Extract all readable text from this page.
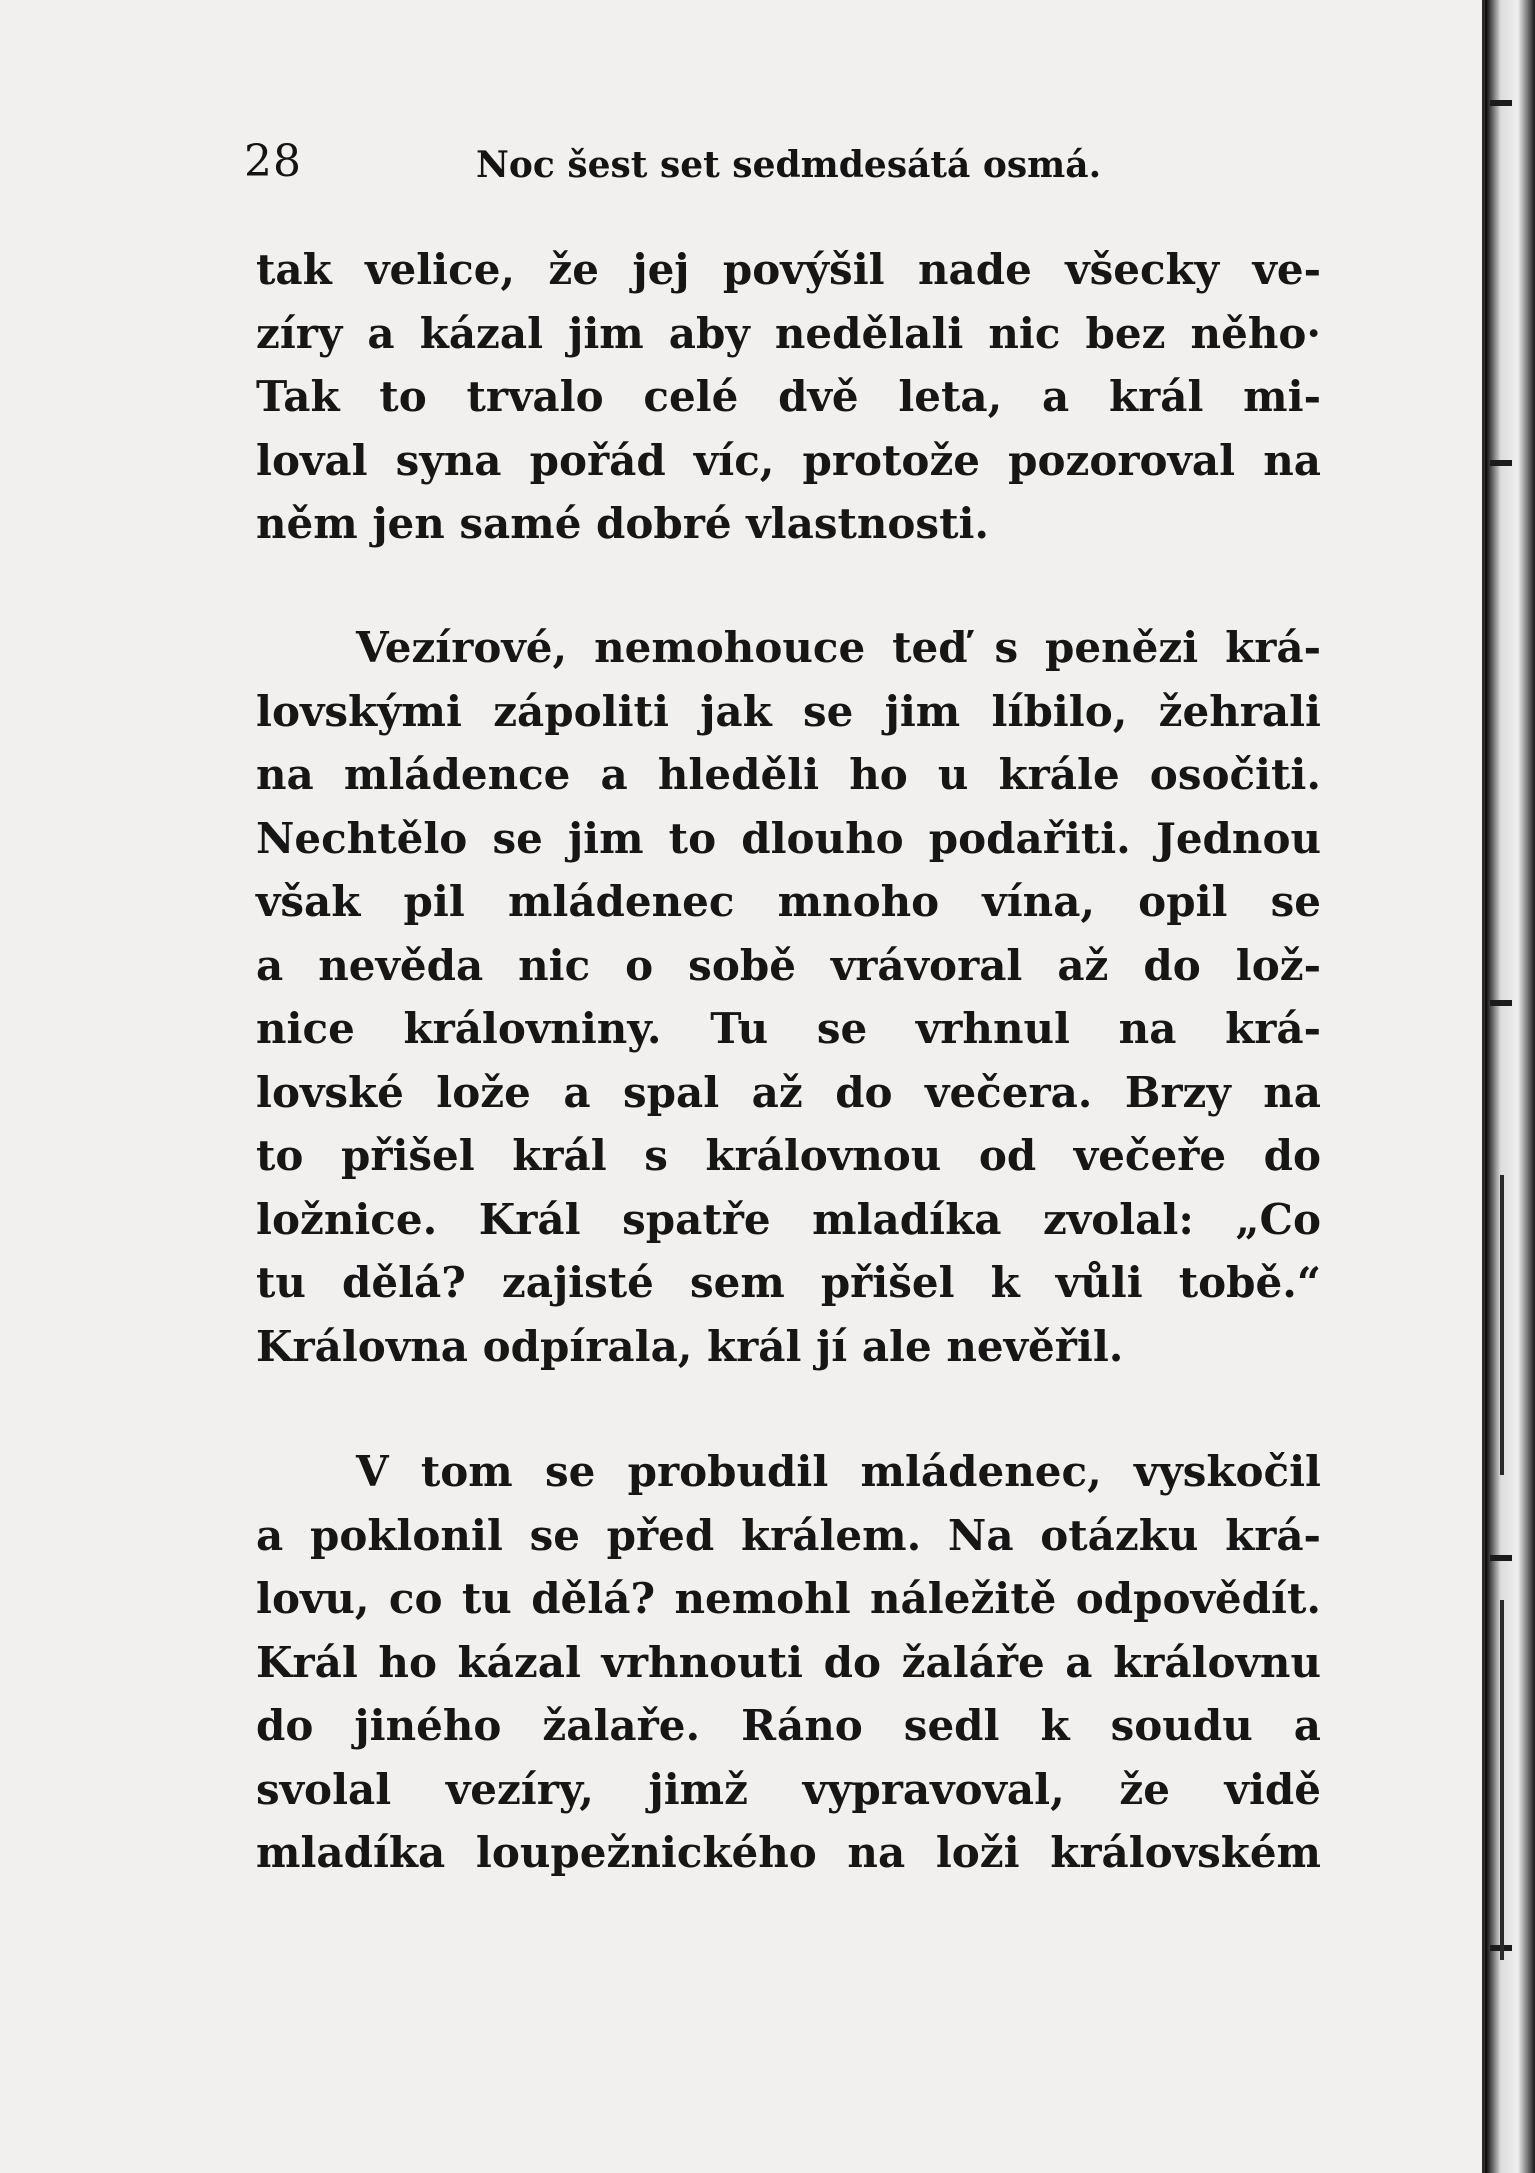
28	Noc šest set sedmdesátá osmá.

tak velice, že jej povýšil nade všecky ve-
zíry a kázal jim aby nedělali nic bez něho·
Tak to trvalo celé dvě leta, a král mi-
loval syna pořád víc, protože pozoroval na
něm jen samé dobré vlastnosti.

Vezírové, nemohouce teď s penězi krá-
lovskými zápoliti jak se jim líbilo, žehrali
na mládence a hleděli ho u krále osočiti.
Nechtělo se jim to dlouho podařiti. Jednou
však pil mládenec mnoho vína, opil se
a nevěda nic o sobě vrávoral až do lož-
nice královniny. Tu se vrhnul na krá-
lovské lože a spal až do večera. Brzy na
to přišel král s královnou od večeře do
ložnice. Král spatře mladíka zvolal: „Co
tu dělá? zajisté sem přišel k vůli tobě.“
Královna odpírala, král jí ale nevěřil.

V tom se probudil mládenec, vyskočil
a poklonil se před králem. Na otázku krá-
lovu, co tu dělá? nemohl náležitě odpovědít.
Král ho kázal vrhnouti do žaláře a královnu
do jiného žalaře. Ráno sedl k soudu a
svolal vezíry, jimž vypravoval, že vidě
mladíka loupežnického na loži královském
